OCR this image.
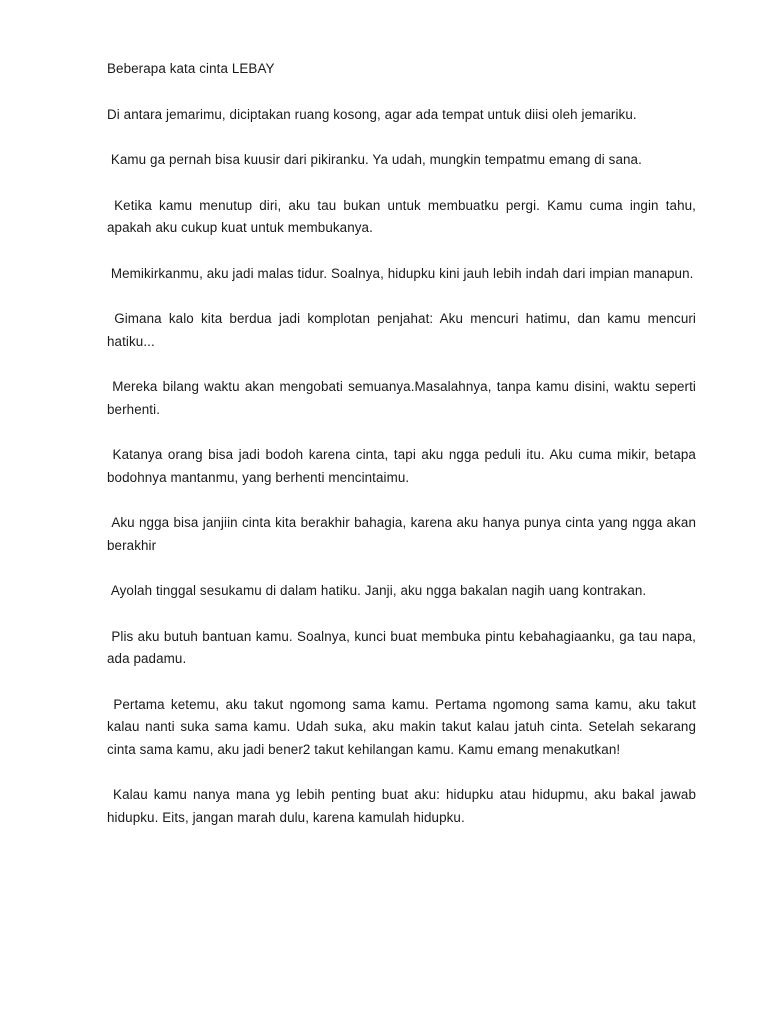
Beberapa kata cinta LEBAY

Di antara jemarimu, diciptakan ruang kosong, agar ada tempat untuk diisi oleh jemariku.

Kamu ga pernah bisa kuusir dari pikiranku. Ya udah, mungkin tempatmu emang di sana.

Ketika kamu menutup diri, aku tau bukan untuk membuatku pergi. Kamu cuma ingin tahu, apakah aku cukup kuat untuk membukanya.

Memikirkanmu, aku jadi malas tidur. Soalnya, hidupku kini jauh lebih indah dari impian manapun.

Gimana kalo kita berdua jadi komplotan penjahat: Aku mencuri hatimu, dan kamu mencuri hatiku...

Mereka bilang waktu akan mengobati semuanya.Masalahnya, tanpa kamu disini, waktu seperti berhenti.

Katanya orang bisa jadi bodoh karena cinta, tapi aku ngga peduli itu. Aku cuma mikir, betapa bodohnya mantanmu, yang berhenti mencintaimu.

Aku ngga bisa janjiin cinta kita berakhir bahagia, karena aku hanya punya cinta yang ngga akan berakhir

Ayolah tinggal sesukamu di dalam hatiku. Janji, aku ngga bakalan nagih uang kontrakan.

Plis aku butuh bantuan kamu. Soalnya, kunci buat membuka pintu kebahagiaanku, ga tau napa, ada padamu.

Pertama ketemu, aku takut ngomong sama kamu. Pertama ngomong sama kamu, aku takut kalau nanti suka sama kamu. Udah suka, aku makin takut kalau jatuh cinta. Setelah sekarang cinta sama kamu, aku jadi bener2 takut kehilangan kamu. Kamu emang menakutkan!

Kalau kamu nanya mana yg lebih penting buat aku: hidupku atau hidupmu, aku bakal jawab hidupku. Eits, jangan marah dulu, karena kamulah hidupku.
